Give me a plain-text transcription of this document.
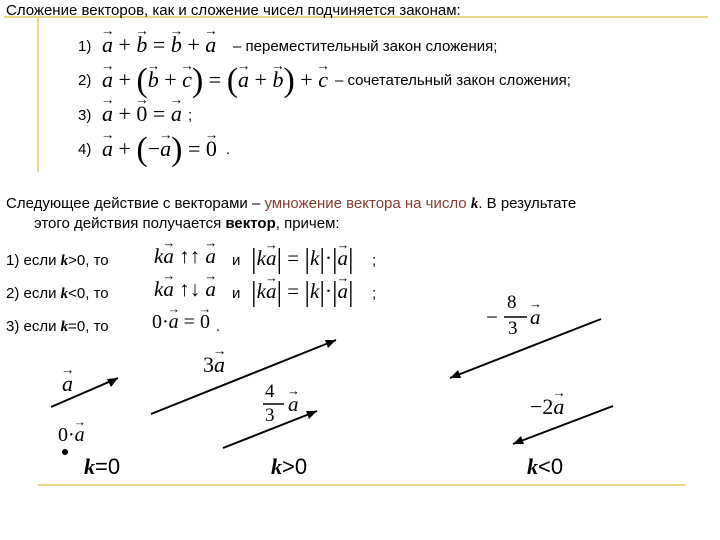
Сложение векторов, как и сложение чисел подчиняется законам:
1) → a + → b = → b + → a – переместительный закон сложения;
2) → a + (→ b + → c) = (→ a + → b) + → c – сочетательный закон сложения;
3) → a + → 0 = → a ;
4) → a + (−→ a) = → 0 .
Следующее действие с векторами – умножение вектора на число k. В результате
этого действия получается вектор, причем:
1) если k>0, то k→ a ↑↑ → a и |k→ a| = |k|·|→ a| ;
2) если k<0, то k→ a ↑↓ → a и |k→ a| = |k|·|→ a| ;
3) если k=0, то 0·→ a = → 0 .
→ a
0·→ a
3→ a
4
3 → a
−
8
3 → a
−2→ a
k=0	k>0	k<0
